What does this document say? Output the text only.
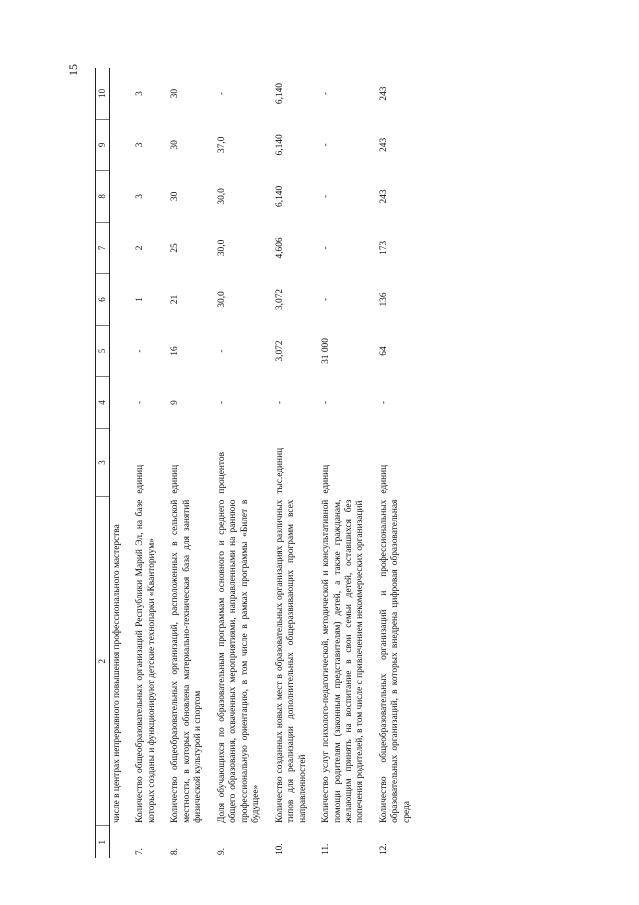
15
1	2	3	4	5	6	7	8	9	10
	числе в центрах непрерывного повышения профессионального мастерства								
7.	Количество общеобразовательных организаций Республики Марий Эл, на базе которых созданы и функционируют детские технопарки «Кванториум»	единиц	-	-	1	2	3	3	3
8.	Количество общеобразовательных организаций, расположенных в сельской местности, в которых обновлена материально-техническая база для занятий физической культурой и спортом	единиц	9	16	21	25	30	30	30
9.	Доля обучающихся по образовательным программам основного и среднего общего образования, охваченных мероприятиями, направленными на раннюю профессиональную ориентацию, в том числе в рамках программы «Билет в будущее»	процентов	-	-	30,0	30,0	30,0	37,0	-
10.	Количество созданных новых мест в образовательных организациях различных типов для реализации дополнительных общеразвивающих программ всех направленностей	тыс.единиц	-	3,072	3,072	4,606	6,140	6,140	6,140
11.	Количество услуг психолого-педагогической, методической и консультативной помощи родителям (законным представителям) детей, а также гражданам, желающим принять на воспитание в свои семьи детей, оставшихся без попечения родителей, в том числе с привлечением некоммерческих организаций	единиц	-	31 000	-	-	-	-	-
12.	Количество общеобразовательных организаций и профессиональных образовательных организаций, в которых внедрена цифровая образовательная среда	единиц	-	64	136	173	243	243	243
